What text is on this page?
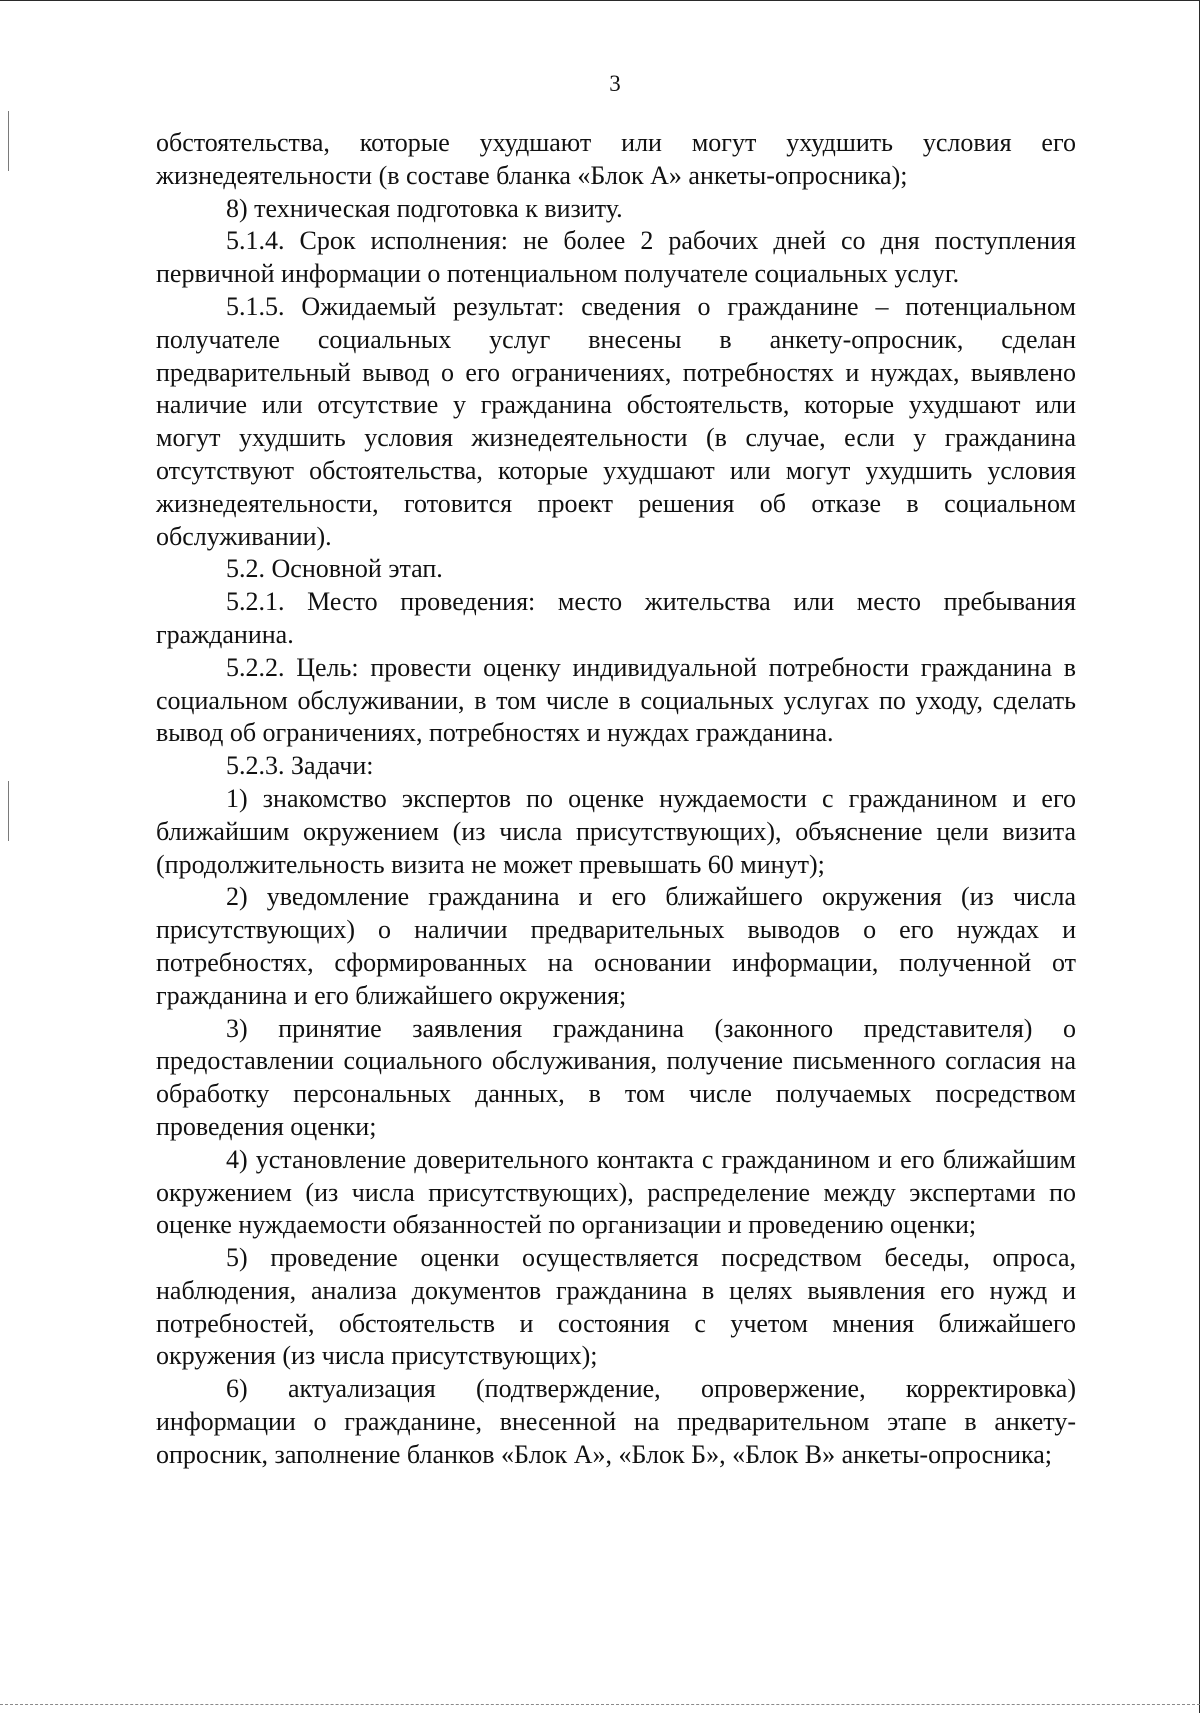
3

обстоятельства, которые ухудшают или могут ухудшить условия его жизнедеятельности (в составе бланка «Блок А» анкеты-опросника);

8) техническая подготовка к визиту.

5.1.4. Срок исполнения: не более 2 рабочих дней со дня поступления первичной информации о потенциальном получателе социальных услуг.

5.1.5. Ожидаемый результат: сведения о гражданине – потенциальном получателе социальных услуг внесены в анкету-опросник, сделан предварительный вывод о его ограничениях, потребностях и нуждах, выявлено наличие или отсутствие у гражданина обстоятельств, которые ухудшают или могут ухудшить условия жизнедеятельности (в случае, если у гражданина отсутствуют обстоятельства, которые ухудшают или могут ухудшить условия жизнедеятельности, готовится проект решения об отказе в социальном обслуживании).

5.2. Основной этап.

5.2.1. Место проведения: место жительства или место пребывания гражданина.

5.2.2. Цель: провести оценку индивидуальной потребности гражданина в социальном обслуживании, в том числе в социальных услугах по уходу, сделать вывод об ограничениях, потребностях и нуждах гражданина.

5.2.3. Задачи:

1) знакомство экспертов по оценке нуждаемости с гражданином и его ближайшим окружением (из числа присутствующих), объяснение цели визита (продолжительность визита не может превышать 60 минут);

2) уведомление гражданина и его ближайшего окружения (из числа присутствующих) о наличии предварительных выводов о его нуждах и потребностях, сформированных на основании информации, полученной от гражданина и его ближайшего окружения;

3) принятие заявления гражданина (законного представителя) о предоставлении социального обслуживания, получение письменного согласия на обработку персональных данных, в том числе получаемых посредством проведения оценки;

4) установление доверительного контакта с гражданином и его ближайшим окружением (из числа присутствующих), распределение между экспертами по оценке нуждаемости обязанностей по организации и проведению оценки;

5) проведение оценки осуществляется посредством беседы, опроса, наблюдения, анализа документов гражданина в целях выявления его нужд и потребностей, обстоятельств и состояния с учетом мнения ближайшего окружения (из числа присутствующих);

6) актуализация (подтверждение, опровержение, корректировка) информации о гражданине, внесенной на предварительном этапе в анкету-опросник, заполнение бланков «Блок А», «Блок Б», «Блок В» анкеты-опросника;
